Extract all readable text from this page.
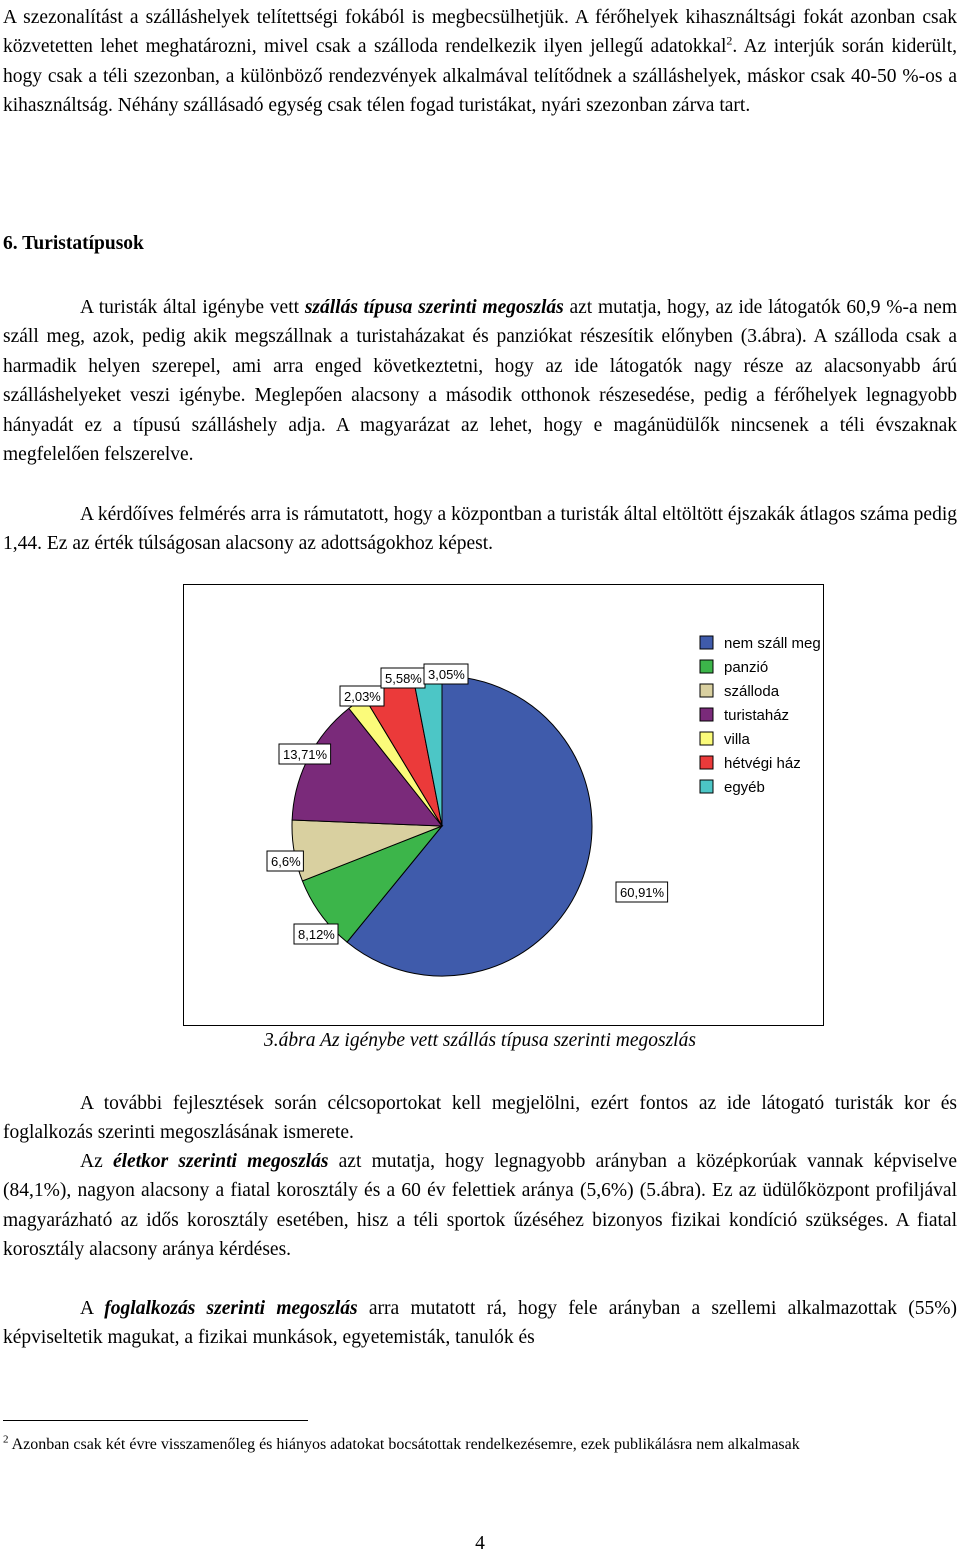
A szezonalítást a szálláshelyek telítettségi fokából is megbecsülhetjük. A férőhelyek kihasználtsági fokát azonban csak közvetetten lehet meghatározni, mivel csak a szálloda rendelkezik ilyen jellegű adatokkal$^2$. Az interjúk során kiderült, hogy csak a téli szezonban, a különböző rendezvények alkalmával telítődnek a szálláshelyek, máskor csak 40-50 %-os a kihasználtság. Néhány szállásadó egység csak télen fogad turistákat, nyári szezonban zárva tart.

6. Turistatípusok

A turisták által igénybe vett szállás típusa szerinti megoszlás azt mutatja, hogy, az ide látogatók 60,9 %-a nem száll meg, azok, pedig akik megszállnak a turistaházakat és panziókat részesítik előnyben (3.ábra). A szálloda csak a harmadik helyen szerepel, ami arra enged következtetni, hogy az ide látogatók nagy része az alacsonyabb árú szálláshelyeket veszi igénybe. Meglepően alacsony a második otthonok részesedése, pedig a férőhelyek legnagyobb hányadát ez a típusú szálláshely adja. A magyarázat az lehet, hogy e magánüdülők nincsenek a téli évszaknak megfelelően felszerelve.

A kérdőíves felmérés arra is rámutatott, hogy a központban a turisták által eltöltött éjszakák átlagos száma pedig 1,44. Ez az érték túlságosan alacsony az adottságokhoz képest.

60,91%
8,12%
6,6%
13,71%
2,03%
5,58% 3,05%
nem száll meg
panzió
szálloda
turistaház
villa
hétvégi ház
egyéb

3.ábra Az igénybe vett szállás típusa szerinti megoszlás

A további fejlesztések során célcsoportokat kell megjelölni, ezért fontos az ide látogató turisták kor és foglalkozás szerinti megoszlásának ismerete.

Az életkor szerinti megoszlás azt mutatja, hogy legnagyobb arányban a középkorúak vannak képviselve (84,1%), nagyon alacsony a fiatal korosztály és a 60 év felettiek aránya (5,6%) (5.ábra). Ez az üdülőközpont profiljával magyarázható az idős korosztály esetében, hisz a téli sportok űzéséhez bizonyos fizikai kondíció szükséges. A fiatal korosztály alacsony aránya kérdéses.

A foglalkozás szerinti megoszlás arra mutatott rá, hogy fele arányban a szellemi alkalmazottak (55%) képviseltetik magukat, a fizikai munkások, egyetemisták, tanulók és

$^2$ Azonban csak két évre visszamenőleg és hiányos adatokat bocsátottak rendelkezésemre, ezek publikálásra nem alkalmasak

4
